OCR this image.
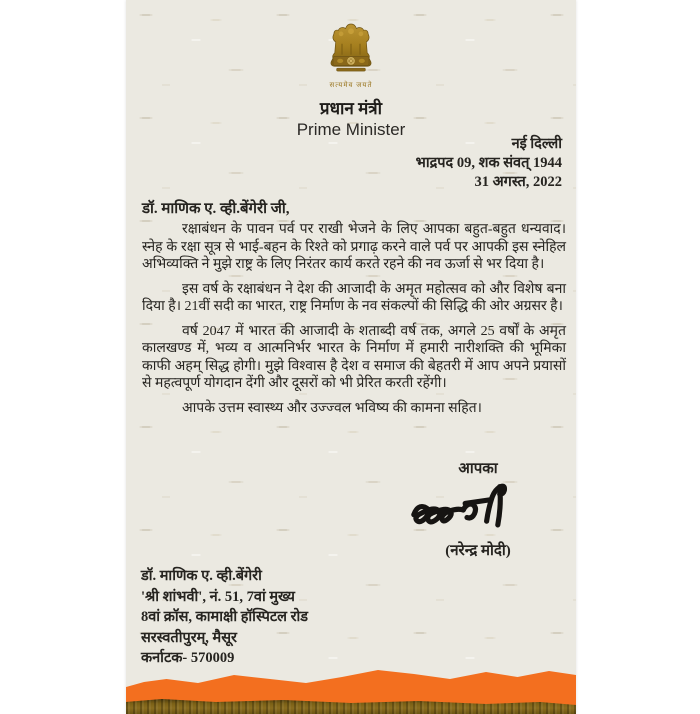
सत्यमेव जयते
प्रधान मंत्री
Prime Minister
नई दिल्ली
भाद्रपद 09, शक संवत् 1944
31 अगस्त, 2022
डॉ. माणिक ए. व्ही.बेंगेरी जी,

रक्षाबंधन के पावन पर्व पर राखी भेजने के लिए आपका बहुत-बहुत धन्यवाद। स्नेह के रक्षा सूत्र से भाई-बहन के रिश्ते को प्रगाढ़ करने वाले पर्व पर आपकी इस स्नेहिल अभिव्यक्ति ने मुझे राष्ट्र के लिए निरंतर कार्य करते रहने की नव ऊर्जा से भर दिया है।

इस वर्ष के रक्षाबंधन ने देश की आजादी के अमृत महोत्सव को और विशेष बना दिया है। 21वीं सदी का भारत, राष्ट्र निर्माण के नव संकल्पों की सिद्धि की ओर अग्रसर है।

वर्ष 2047 में भारत की आजादी के शताब्दी वर्ष तक, अगले 25 वर्षों के अमृत कालखण्ड में, भव्य व आत्मनिर्भर भारत के निर्माण में हमारी नारीशक्ति की भूमिका काफी अहम् सिद्ध होगी। मुझे विश्वास है देश व समाज की बेहतरी में आप अपने प्रयासों से महत्वपूर्ण योगदान देंगी और दूसरों को भी प्रेरित करती रहेंगी।

आपके उत्तम स्वास्थ्य और उज्ज्वल भविष्य की कामना सहित।

आपका
(नरेन्द्र मोदी)
डॉ. माणिक ए. व्ही.बेंगेरी
'श्री शांभवी', नं. 51, 7वां मुख्य
8वां क्रॉस, कामाक्षी हॉस्पिटल रोड
सरस्वतीपुरम्, मैसूर
कर्नाटक- 570009
